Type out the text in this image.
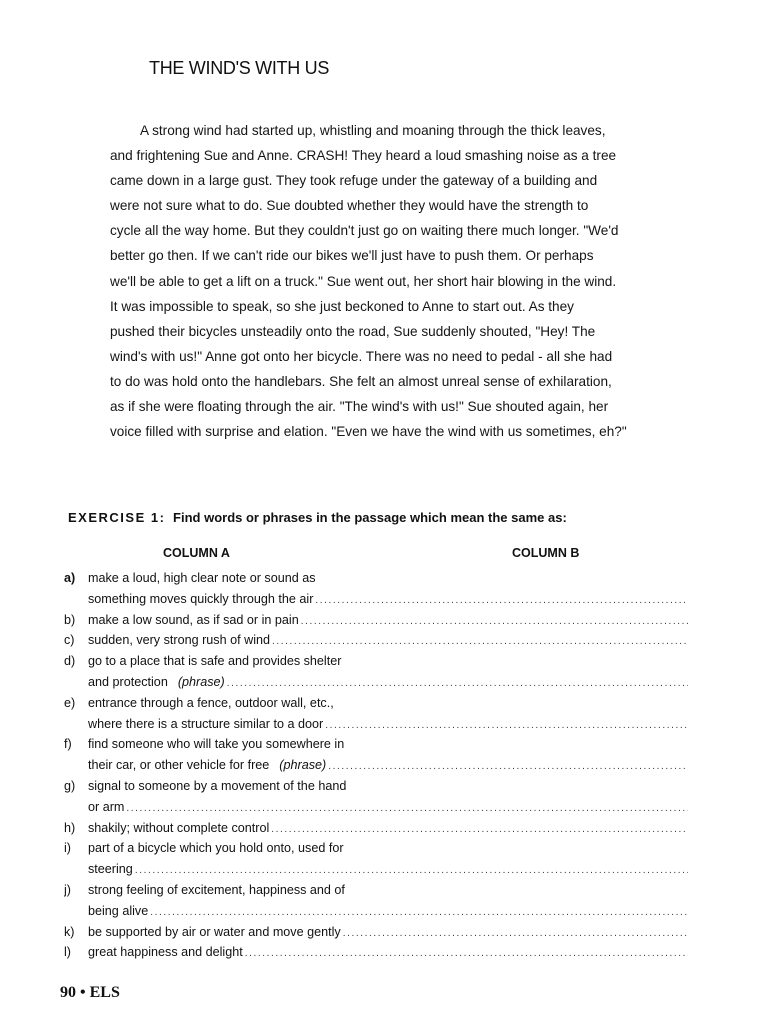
THE WIND'S WITH US
A strong wind had started up, whistling and moaning through the thick leaves,
and frightening Sue and Anne. CRASH! They heard a loud smashing noise as a tree
came down in a large gust. They took refuge under the gateway of a building and
were not sure what to do. Sue doubted whether they would have the strength to
cycle all the way home. But they couldn't just go on waiting there much longer. "We'd
better go then. If we can't ride our bikes we'll just have to push them. Or perhaps
we'll be able to get a lift on a truck." Sue went out, her short hair blowing in the wind.
It was impossible to speak, so she just beckoned to Anne to start out. As they
pushed their bicycles unsteadily onto the road, Sue suddenly shouted, "Hey! The
wind's with us!" Anne got onto her bicycle. There was no need to pedal - all she had
to do was hold onto the handlebars. She felt an almost unreal sense of exhilaration,
as if she were floating through the air. "The wind's with us!" Sue shouted again, her
voice filled with surprise and elation. "Even we have the wind with us sometimes, eh?"
EXERCISE 1: Find words or phrases in the passage which mean the same as:
COLUMN A	COLUMN B
a)	make a loud, high clear note or sound as
something moves quickly through the air
.....
b)	make a low sound, as if sad or in pain
.....
c)	sudden, very strong rush of wind
.....
d)	go to a place that is safe and provides shelter
and protection (phrase)
.....
e)	entrance through a fence, outdoor wall, etc.,
where there is a structure similar to a door
.....
f)	find someone who will take you somewhere in
their car, or other vehicle for free (phrase)
.....
g)	signal to someone by a movement of the hand
or arm
.....
h)	shakily; without complete control
.....
i)	part of a bicycle which you hold onto, used for
steering
.....
j)	strong feeling of excitement, happiness and of
being alive
.....
k)	be supported by air or water and move gently
.....
l)	great happiness and delight
.....
90 • ELS
